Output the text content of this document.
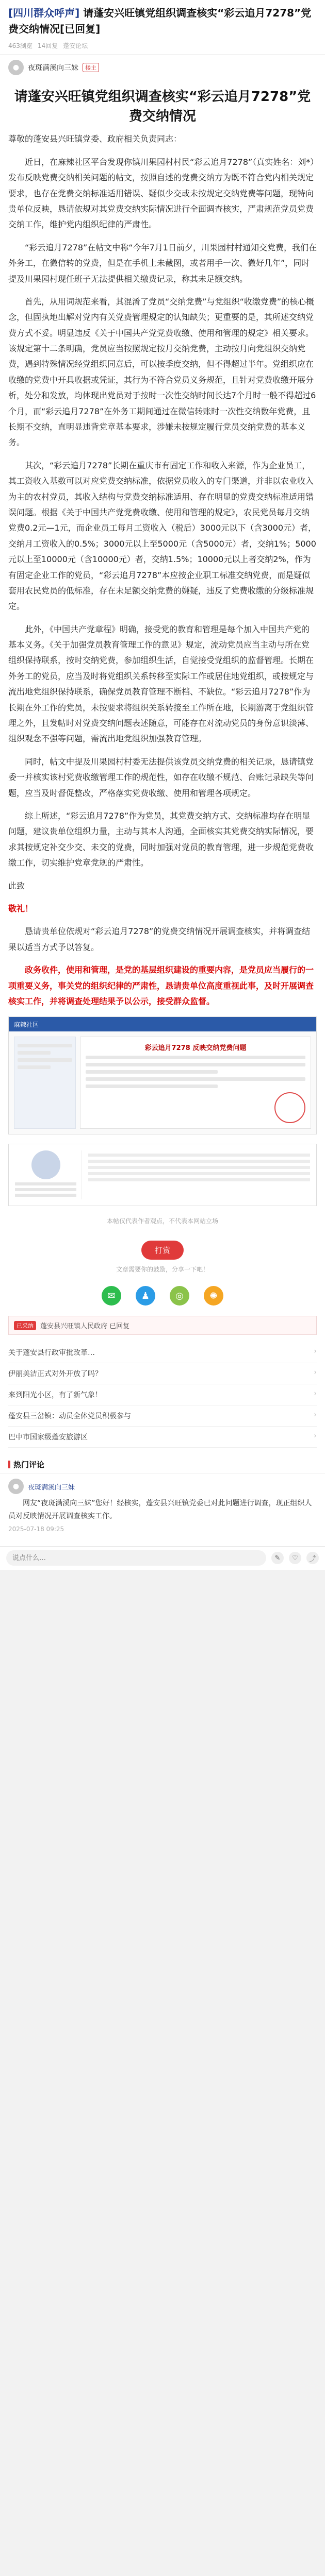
[四川群众呼声] 请蓬安兴旺镇党组织调查核实“彩云追月7278”党费交纳情况[已回复]
463浏览 14回复 蓬安论坛
●	夜斑满溪向三妹	楼主
请蓬安兴旺镇党组织调查核实“彩云追月7278”党费交纳情况

尊敬的蓬安县兴旺镇党委、政府相关负责同志：

近日，在麻辣社区平台发现你镇川果园村村民“彩云追月7278”（真实姓名：刘*）发布反映党费交纳相关问题的帖文，按照自述的党费交纳方为既不符合党内相关规定要求，也存在党费交纳标准适用错误、疑似少交或未按规定交纳党费等问题，现特向贵单位反映，恳请依规对其党费交纳实际情况进行全面调查核实，严肃规范党员党费交纳工作，维护党内组织纪律的严肃性。

“彩云追月7278”在帖文中称“今年7月1日前夕，川果园村村通知交党费，我们在外务工，在微信转的党费，但是在手机上未截图，或者用手一次、微好几年”，同时提及川果园村现任班子无法提供相关缴费记录，称其未足额交纳。

首先，从用词规范来看，其混淆了党员“交纳党费”与党组织“收缴党费”的核心概念，但固执地出解对党内有关党费管理规定的认知缺失；更重要的是，其所述交纳党费方式不妥。明显违反《关于中国共产党党费收缴、使用和管理的规定》相关要求。该规定第十二条明确，党员应当按照规定按月交纳党费，主动按月向党组织交纳党费，遇到特殊情况经党组织同意后，可以按季度交纳，但不得超过半年。党组织应在收缴的党费中开具收据或凭证，其行为不符合党员义务规范，且针对党费收缴开展分析，处分和发放，均体现出党员对于按时一次性交纳时间长达7个月时一般不得超过6个月，而“彩云追月7278”在外务工期间通过在微信转账时一次性交纳数年党费，且长期不交纳，直明显违背党章基本要求，涉嫌未按规定履行党员交纳党费的基本义务。

其次，“彩云追月7278”长期在重庆市有固定工作和收入来源，作为企业员工，其工资收入基数可以对应党费交纳标准，依据党员收入的专门渠道，并非以农业收入为主的农村党员，其收入结构与党费交纳标准适用、存在明显的党费交纳标准适用错误问题。根据《关于中国共产党党费收缴、使用和管理的规定》，农民党员每月交纳党费0.2元—1元，而企业员工每月工资收入（税后）3000元以下（含3000元）者，交纳月工资收入的0.5%；3000元以上至5000元（含5000元）者，交纳1%；5000元以上至10000元（含10000元）者，交纳1.5%；10000元以上者交纳2%，作为有固定企业工作的党员，“彩云追月7278”本应按企业职工标准交纳党费，而是疑似套用农民党员的低标准，存在未足额交纳党费的嫌疑，违反了党费收缴的分级标准规定。

此外，《中国共产党章程》明确，接受党的教育和管理是每个加入中国共产党的基本义务。《关于加强党员教育管理工作的意见》规定，流动党员应当主动与所在党组织保持联系，按时交纳党费，参加组织生活，自觉接受党组织的监督管理。长期在外务工的党员，应当及时将党组织关系转移至实际工作或居住地党组织，或按规定与流出地党组织保持联系，确保党员教育管理不断档、不缺位。“彩云追月7278”作为长期在外工作的党员，未按要求将组织关系转接至工作所在地，长期游离于党组织管理之外，且发帖时对党费交纳问题表述随意，可能存在对流动党员的身份意识淡薄、组织观念不强等问题，需流出地党组织加强教育管理。

同时，帖文中提及川果园村村委无法提供该党员交纳党费的相关记录，恳请镇党委一并核实该村党费收缴管理工作的规范性，如存在收缴不规范、台账记录缺失等问题，应当及时督促整改，严格落实党费收缴、使用和管理各项规定。

综上所述，“彩云追月7278”作为党员，其党费交纳方式、交纳标准均存在明显问题，建议贵单位组织力量，主动与其本人沟通，全面核实其党费交纳实际情况，要求其按规定补交少交、未交的党费，同时加强对党员的教育管理，进一步规范党费收缴工作，切实维护党章党规的严肃性。

此致

敬礼！

恳请贵单位依规对“彩云追月7278”的党费交纳情况开展调查核实，并将调查结果以适当方式予以答复。

政务收件，使用和管理，是党的基层组织建设的重要内容，是党员应当履行的一项重要义务，事关党的组织纪律的严肃性，恳请贵单位高度重视此事，及时开展调查核实工作，并将调查处理结果予以公示，接受群众监督。

麻辣社区
彩云追月7278 反映交纳党费问题
本帖仅代表作者观点，不代表本网站立场
打赏
文章需要你的鼓励，分享一下吧！
✉	♟	◎	✺
已采纳	蓬安县兴旺镇人民政府 已回复
关于蓬安县行政审批改革…	›
伊丽美洁正式对外开放了吗？	›
来到阳光小区，有了新气象！	›
蓬安县三岔镇：动员全体党员积极参与	›
巴中市国家级蓬安旅游区	›
热门评论
●	夜斑满溪向三妹
网友“夜斑满溪向三妹”您好！经核实，蓬安县兴旺镇党委已对此问题进行调查，现正组织人员对反映情况开展调查核实工作。
2025-07-18 09:25
说点什么…
✎	♡	⤴
